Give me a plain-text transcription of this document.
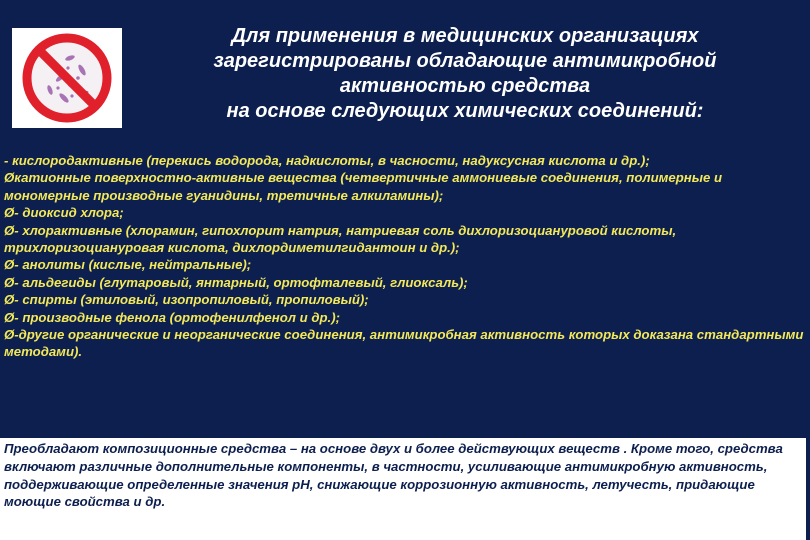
Для применения в медицинских организациях
зарегистрированы обладающие антимикробной
активностью средства
на основе следующих химических соединений:
- кислородактивные (перекись водорода, надкислоты, в часности, надуксусная кислота и др.);
Øкатионные поверхностно-активные вещества (четвертичные аммониевые соединения, полимерные и мономерные производные гуанидины, третичные алкиламины);
Ø- диоксид хлора;
Ø- хлорактивные (хлорамин, гипохлорит натрия, натриевая соль дихлоризоциануровой кислоты, трихлоризоциануровая кислота, дихлордиметилгидантоин и др.);
Ø- анолиты (кислые, нейтральные);
Ø- альдегиды (глутаровый, янтарный, ортофталевый, глиоксаль);
Ø- спирты (этиловый, изопропиловый, пропиловый);
Ø- производные фенола (ортофенилфенол и др.);
Ø-другие органические и неорганические соединения, антимикробная активность которых доказана стандартными методами).
Преобладают композиционные средства – на основе двух и более действующих веществ . Кроме того, средства включают различные дополнительные компоненты, в частности, усиливающие антимикробную активность, поддерживающие определенные значения рН, снижающие коррозионную активность, летучесть, придающие моющие свойства и др.
